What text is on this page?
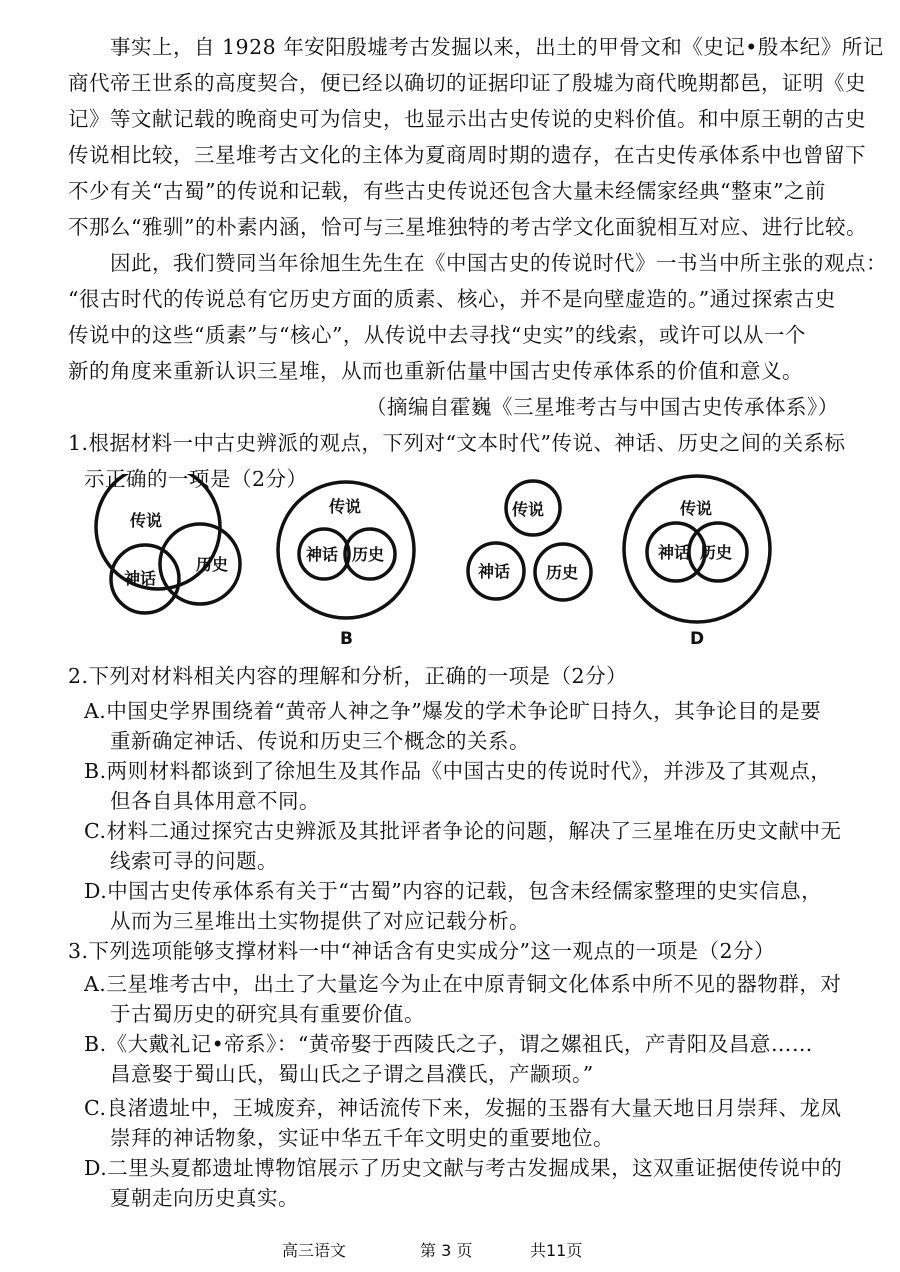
事实上，自 1928 年安阳殷墟考古发掘以来，出土的甲骨文和《史记•殷本纪》所记
商代帝王世系的高度契合，便已经以确切的证据印证了殷墟为商代晚期都邑，证明《史
记》等文献记载的晚商史可为信史，也显示出古史传说的史料价值。和中原王朝的古史
传说相比较，三星堆考古文化的主体为夏商周时期的遗存，在古史传承体系中也曾留下
不少有关“古蜀”的传说和记载，有些古史传说还包含大量未经儒家经典“整束”之前
不那么“雅驯”的朴素内涵，恰可与三星堆独特的考古学文化面貌相互对应、进行比较。
因此，我们赞同当年徐旭生先生在《中国古史的传说时代》一书当中所主张的观点：
“很古时代的传说总有它历史方面的质素、核心，并不是向壁虚造的。”通过探索古史
传说中的这些“质素”与“核心”，从传说中去寻找“史实”的线索，或许可以从一个
新的角度来重新认识三星堆，从而也重新估量中国古史传承体系的价值和意义。
（摘编自霍巍《三星堆考古与中国古史传承体系》）
1.根据材料一中古史辨派的观点，下列对“文本时代”传说、神话、历史之间的关系标
示正确的一项是（2分）
传说
神话
历史
传说
神话 历史
B
传说
神话 历史
传说
神话 历史
D
2.下列对材料相关内容的理解和分析，正确的一项是（2分）
A.中国史学界围绕着“黄帝人神之争”爆发的学术争论旷日持久，其争论目的是要
重新确定神话、传说和历史三个概念的关系。
B.两则材料都谈到了徐旭生及其作品《中国古史的传说时代》，并涉及了其观点，
但各自具体用意不同。
C.材料二通过探究古史辨派及其批评者争论的问题，解决了三星堆在历史文献中无
线索可寻的问题。
D.中国古史传承体系有关于“古蜀”内容的记载，包含未经儒家整理的史实信息，
从而为三星堆出土实物提供了对应记载分析。
3.下列选项能够支撑材料一中“神话含有史实成分”这一观点的一项是（2分）
A.三星堆考古中，出土了大量迄今为止在中原青铜文化体系中所不见的器物群，对
于古蜀历史的研究具有重要价值。
B.《大戴礼记•帝系》：“黄帝娶于西陵氏之子，谓之嫘祖氏，产青阳及昌意……
昌意娶于蜀山氏，蜀山氏之子谓之昌濮氏，产颛顼。”
C.良渚遗址中，王城废弃，神话流传下来，发掘的玉器有大量天地日月崇拜、龙凤
崇拜的神话物象，实证中华五千年文明史的重要地位。
D.二里头夏都遗址博物馆展示了历史文献与考古发掘成果，这双重证据使传说中的
夏朝走向历史真实。
高三语文	第 3 页	共11页
